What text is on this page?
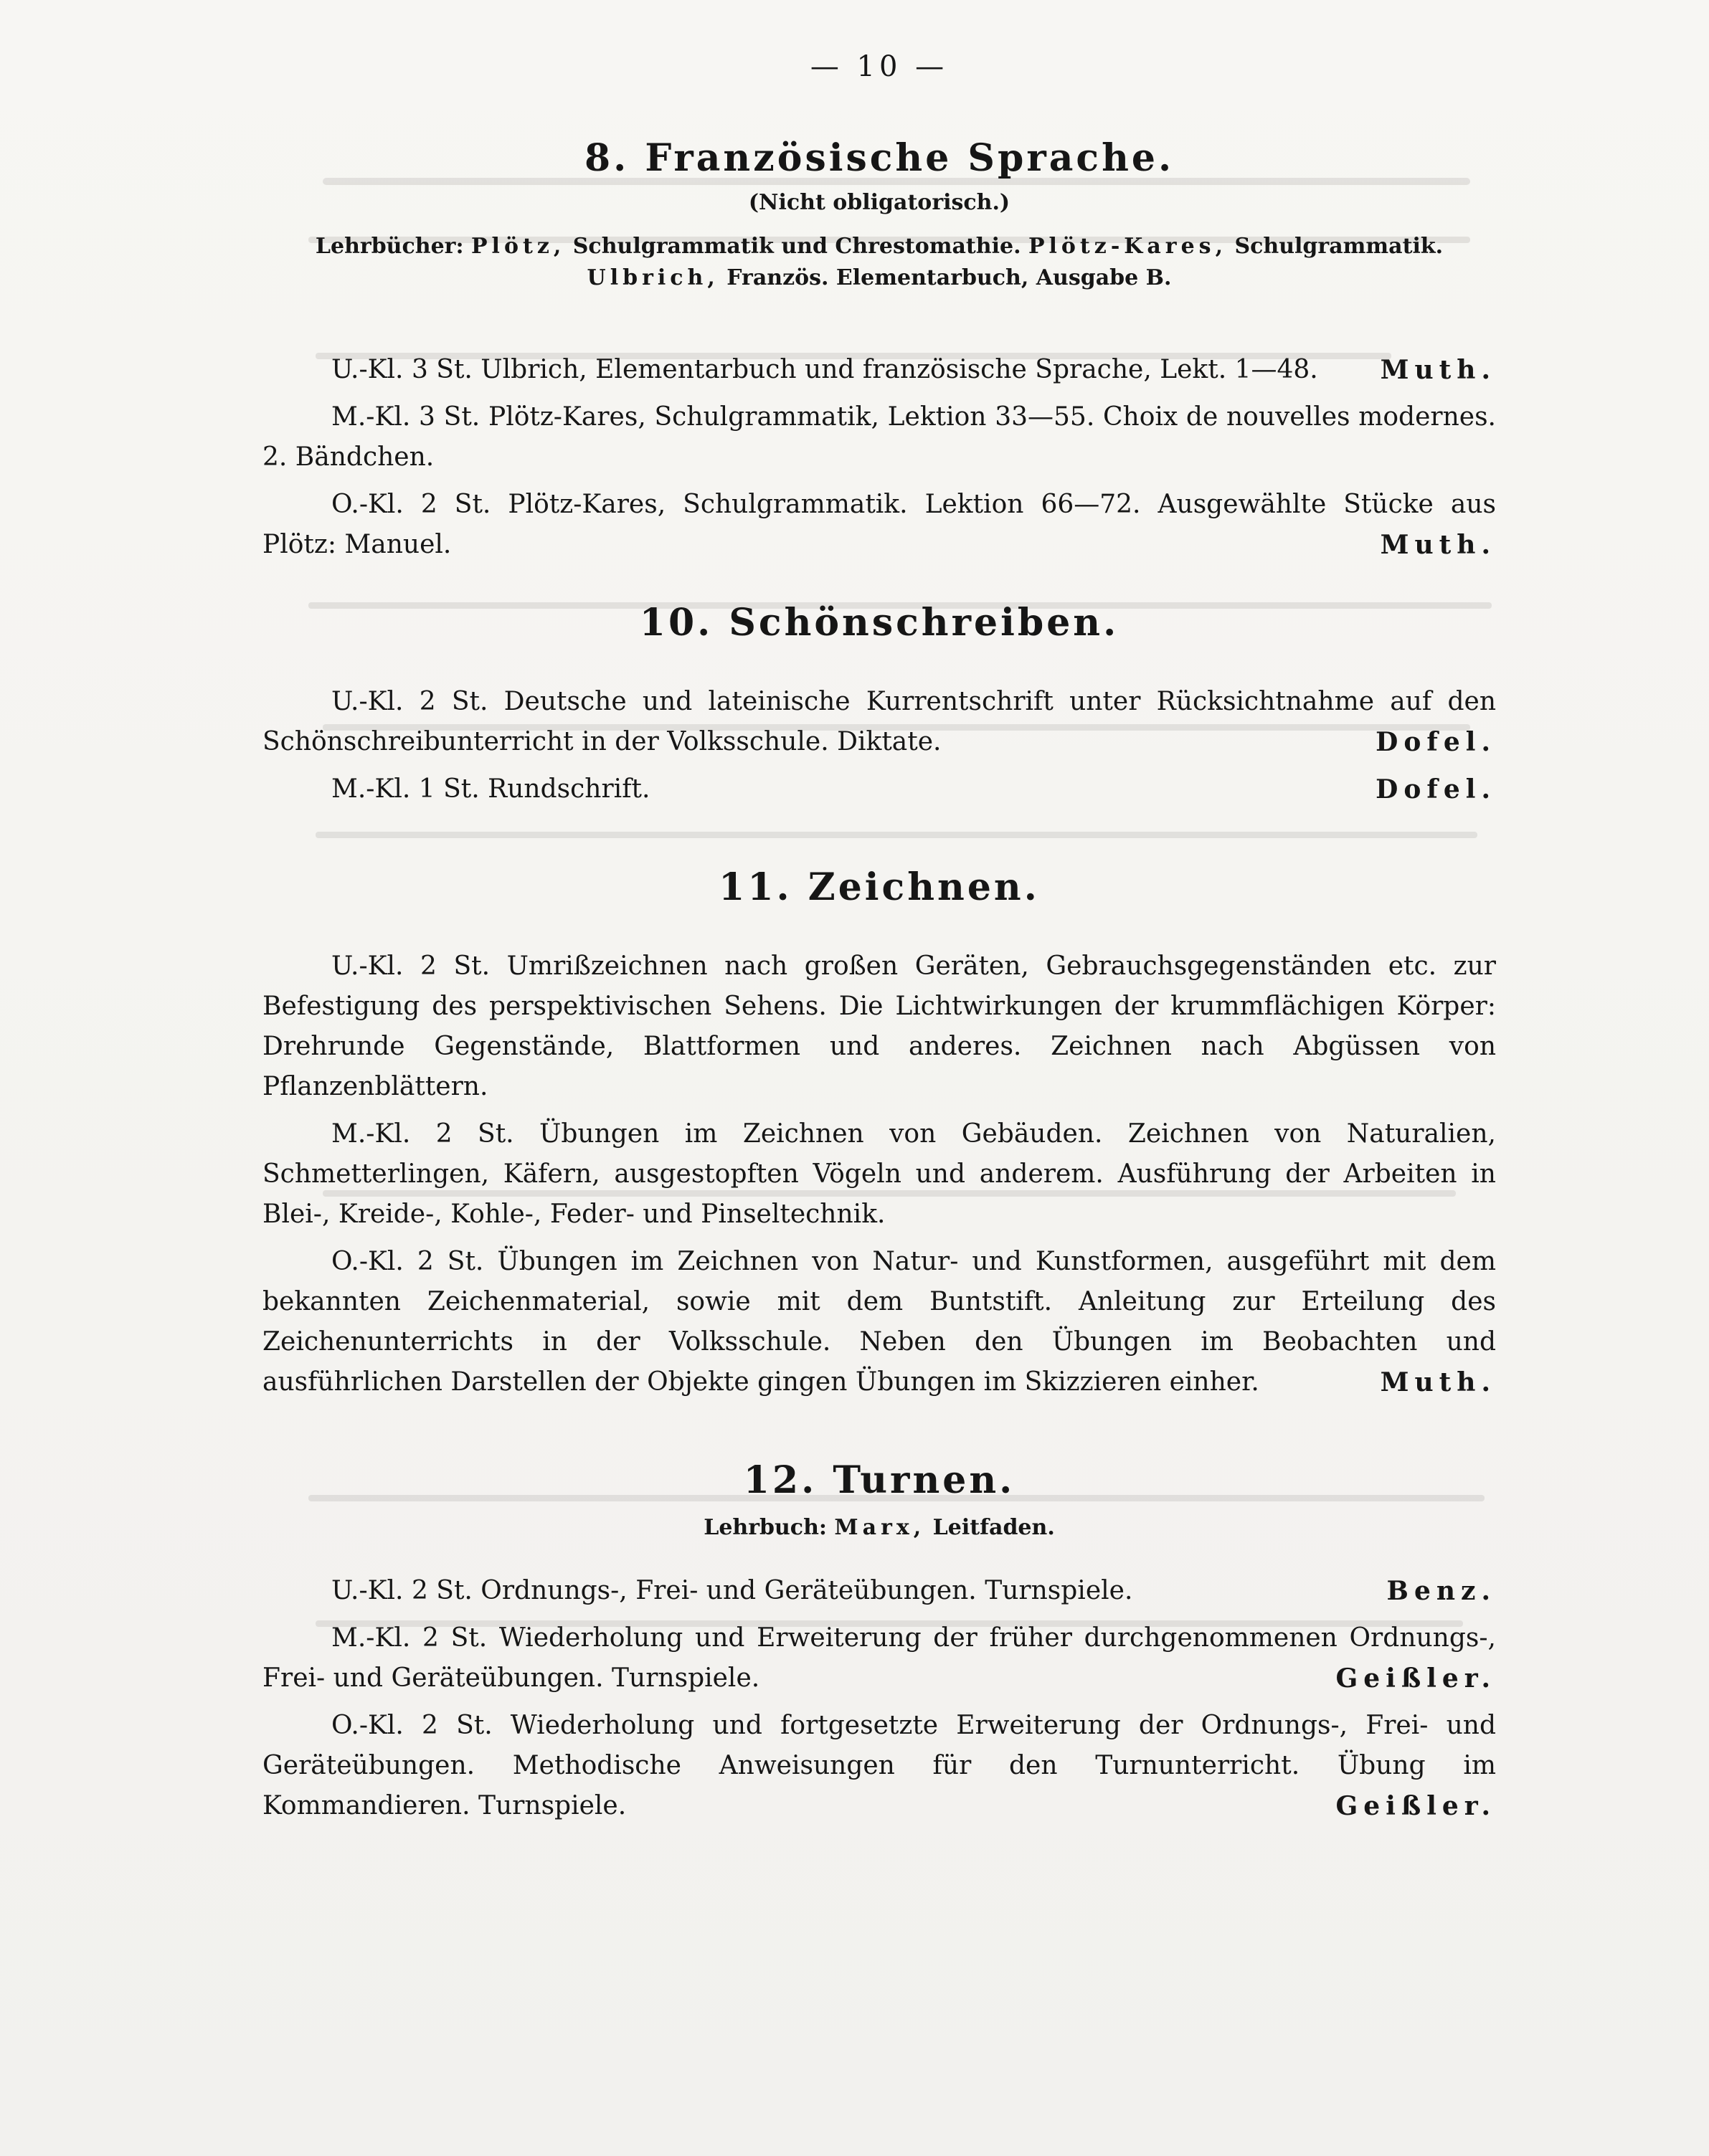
— 10 —
8. Französische Sprache.
(Nicht obligatorisch.)
Lehrbücher: Plötz, Schulgrammatik und Chrestomathie. Plötz-Kares, Schulgrammatik.
Ulbrich, Französ. Elementarbuch, Ausgabe B.
U.-Kl. 3 St. Ulbrich, Elementarbuch und französische Sprache, Lekt. 1—48. Muth.
M.-Kl. 3 St. Plötz-Kares, Schulgrammatik, Lektion 33—55. Choix de nouvelles modernes. 2. Bändchen.
O.-Kl. 2 St. Plötz-Kares, Schulgrammatik. Lektion 66—72. Ausgewählte Stücke aus Plötz: Manuel.	Muth.
10. Schönschreiben.
U.-Kl. 2 St. Deutsche und lateinische Kurrentschrift unter Rücksichtnahme auf den Schönschreibunterricht in der Volksschule. Diktate.	Dofel.
M.-Kl. 1 St. Rundschrift.	Dofel.
11. Zeichnen.
U.-Kl. 2 St. Umrißzeichnen nach großen Geräten, Gebrauchsgegenständen etc. zur Befestigung des perspektivischen Sehens. Die Lichtwirkungen der krummflächigen Körper: Drehrunde Gegenstände, Blattformen und anderes. Zeichnen nach Abgüssen von Pflanzenblättern.
M.-Kl. 2 St. Übungen im Zeichnen von Gebäuden. Zeichnen von Naturalien, Schmetterlingen, Käfern, ausgestopften Vögeln und anderem. Ausführung der Arbeiten in Blei-, Kreide-, Kohle-, Feder- und Pinseltechnik.
O.-Kl. 2 St. Übungen im Zeichnen von Natur- und Kunstformen, ausgeführt mit dem bekannten Zeichenmaterial, sowie mit dem Buntstift. Anleitung zur Erteilung des Zeichenunterrichts in der Volksschule. Neben den Übungen im Beobachten und ausführlichen Darstellen der Objekte gingen Übungen im Skizzieren einher.	Muth.
12. Turnen.
Lehrbuch: Marx, Leitfaden.
U.-Kl. 2 St. Ordnungs-, Frei- und Geräteübungen. Turnspiele.	Benz.
M.-Kl. 2 St. Wiederholung und Erweiterung der früher durchgenommenen Ordnungs-, Frei- und Geräteübungen. Turnspiele.	Geißler.
O.-Kl. 2 St. Wiederholung und fortgesetzte Erweiterung der Ordnungs-, Frei- und Geräteübungen. Methodische Anweisungen für den Turnunterricht. Übung im Kommandieren. Turnspiele.	Geißler.
